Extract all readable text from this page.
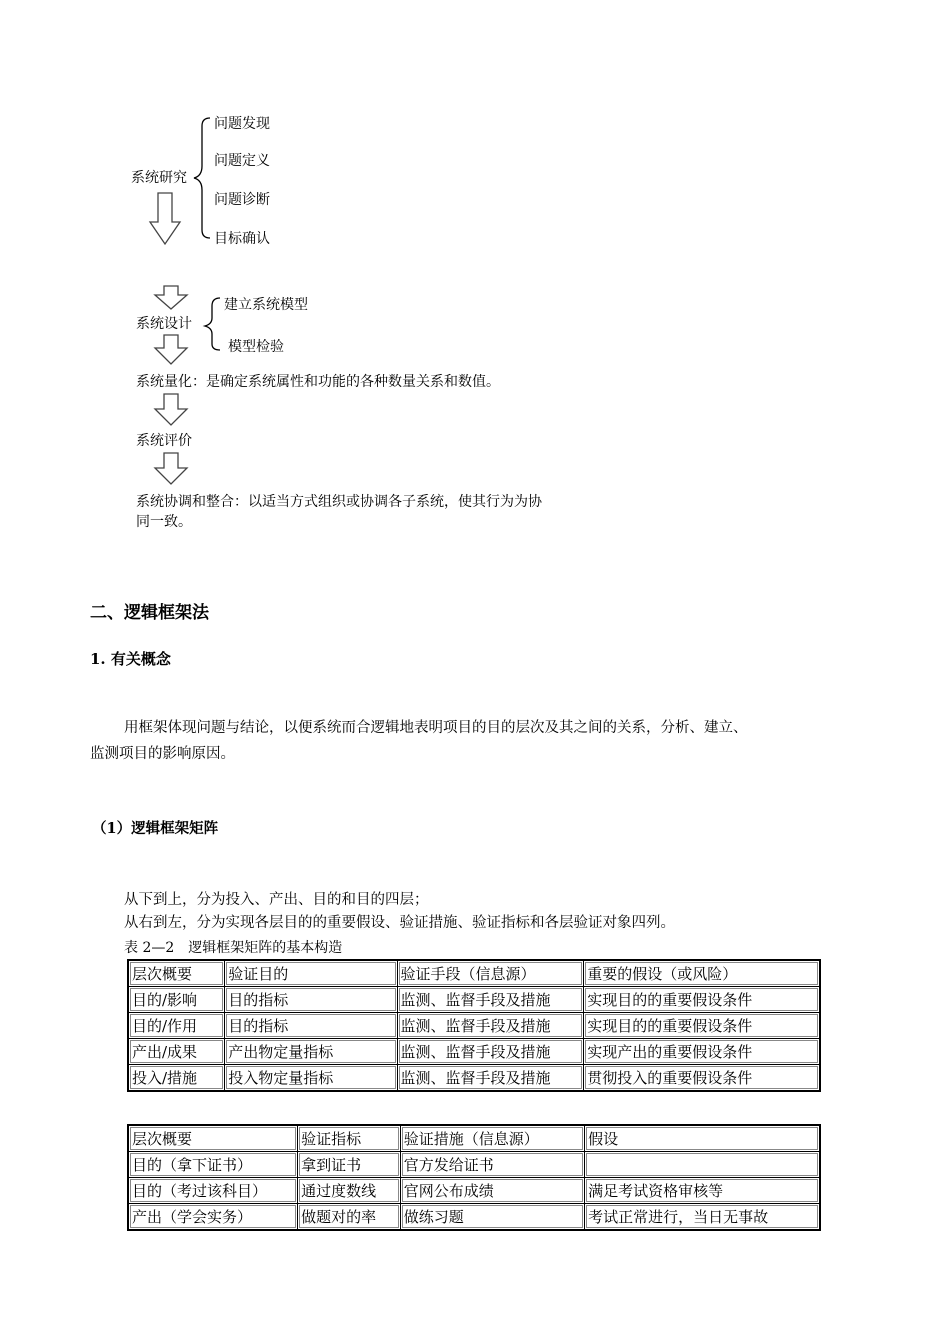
系统研究
问题发现
问题定义
问题诊断
目标确认
系统设计
建立系统模型
模型检验
系统量化：是确定系统属性和功能的各种数量关系和数值。
系统评价
系统协调和整合：以适当方式组织或协调各子系统，使其行为为协
同一致。
二、逻辑框架法
1. 有关概念
用框架体现问题与结论，以便系统而合逻辑地表明项目的目的层次及其之间的关系，分析、建立、
监测项目的影响原因。
（1）逻辑框架矩阵
从下到上，分为投入、产出、目的和目的四层；
从右到左，分为实现各层目的的重要假设、验证措施、验证指标和各层验证对象四列。
表 2—2　逻辑框架矩阵的基本构造
层次概要	验证目的	验证手段（信息源）	重要的假设（或风险）
目的/影响	目的指标	监测、监督手段及措施	实现目的的重要假设条件
目的/作用	目的指标	监测、监督手段及措施	实现目的的重要假设条件
产出/成果	产出物定量指标	监测、监督手段及措施	实现产出的重要假设条件
投入/措施	投入物定量指标	监测、监督手段及措施	贯彻投入的重要假设条件
层次概要	验证指标	验证措施（信息源）	假设
目的（拿下证书）	拿到证书	官方发给证书	
目的（考过该科目）	通过度数线	官网公布成绩	满足考试资格审核等
产出（学会实务）	做题对的率	做练习题	考试正常进行，当日无事故
